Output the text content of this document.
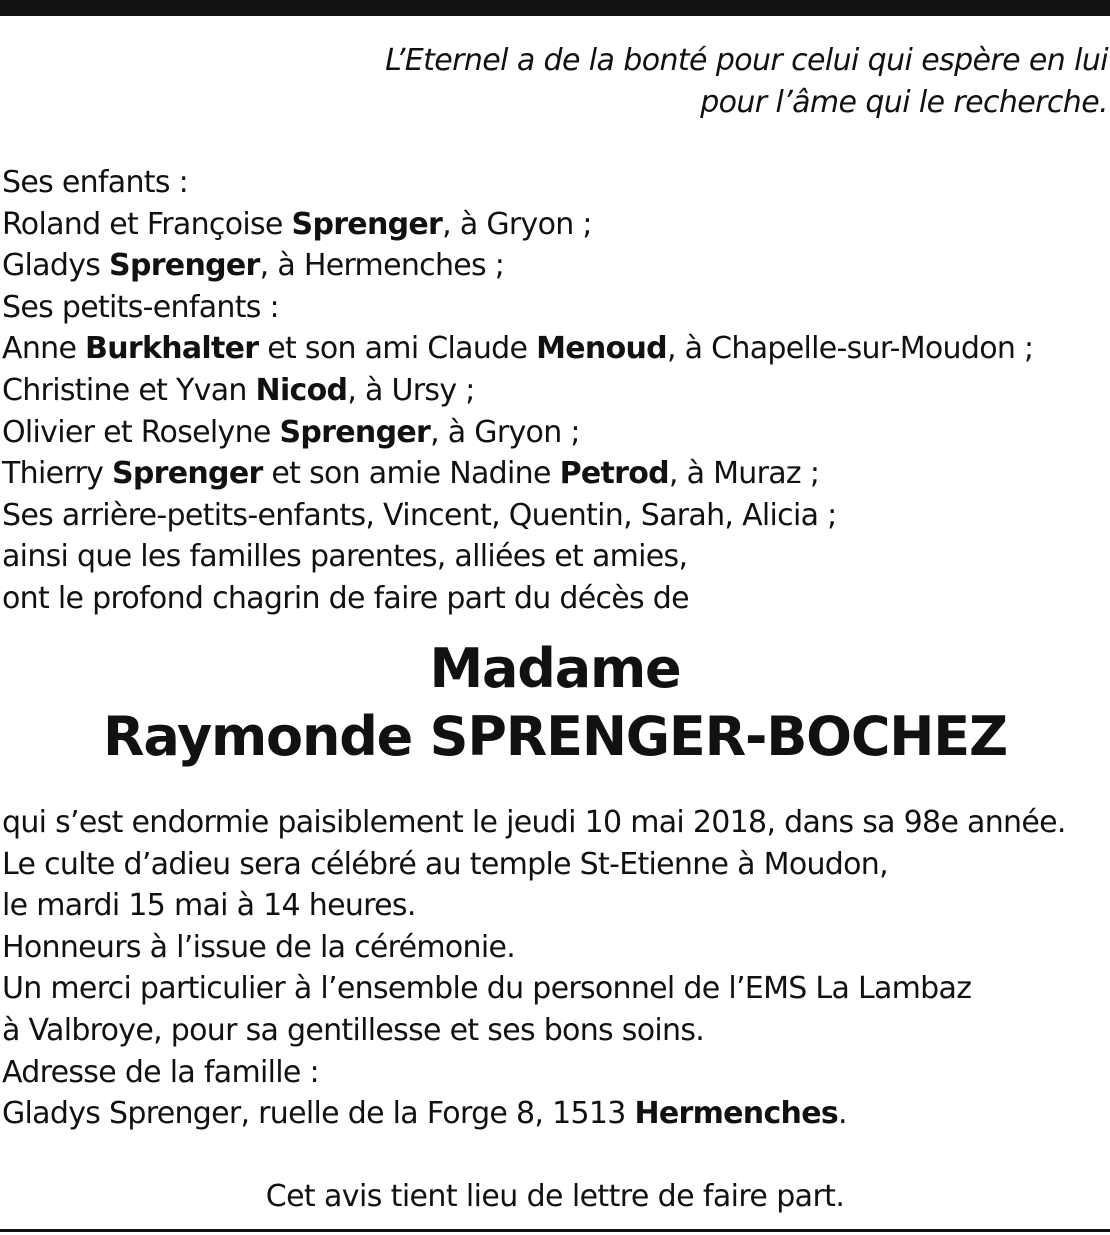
L’Eternel a de la bonté pour celui qui espère en lui
pour l’âme qui le recherche.
Ses enfants :
Roland et Françoise Sprenger, à Gryon ;
Gladys Sprenger, à Hermenches ;
Ses petits-enfants :
Anne Burkhalter et son ami Claude Menoud, à Chapelle-sur-Moudon ;
Christine et Yvan Nicod, à Ursy ;
Olivier et Roselyne Sprenger, à Gryon ;
Thierry Sprenger et son amie Nadine Petrod, à Muraz ;
Ses arrière-petits-enfants, Vincent, Quentin, Sarah, Alicia ;
ainsi que les familles parentes, alliées et amies,
ont le profond chagrin de faire part du décès de
Madame
Raymonde SPRENGER-BOCHEZ
qui s’est endormie paisiblement le jeudi 10 mai 2018, dans sa 98e année.
Le culte d’adieu sera célébré au temple St-Etienne à Moudon,
le mardi 15 mai à 14 heures.
Honneurs à l’issue de la cérémonie.
Un merci particulier à l’ensemble du personnel de l’EMS La Lambaz
à Valbroye, pour sa gentillesse et ses bons soins.
Adresse de la famille :
Gladys Sprenger, ruelle de la Forge 8, 1513 Hermenches.
Cet avis tient lieu de lettre de faire part.
